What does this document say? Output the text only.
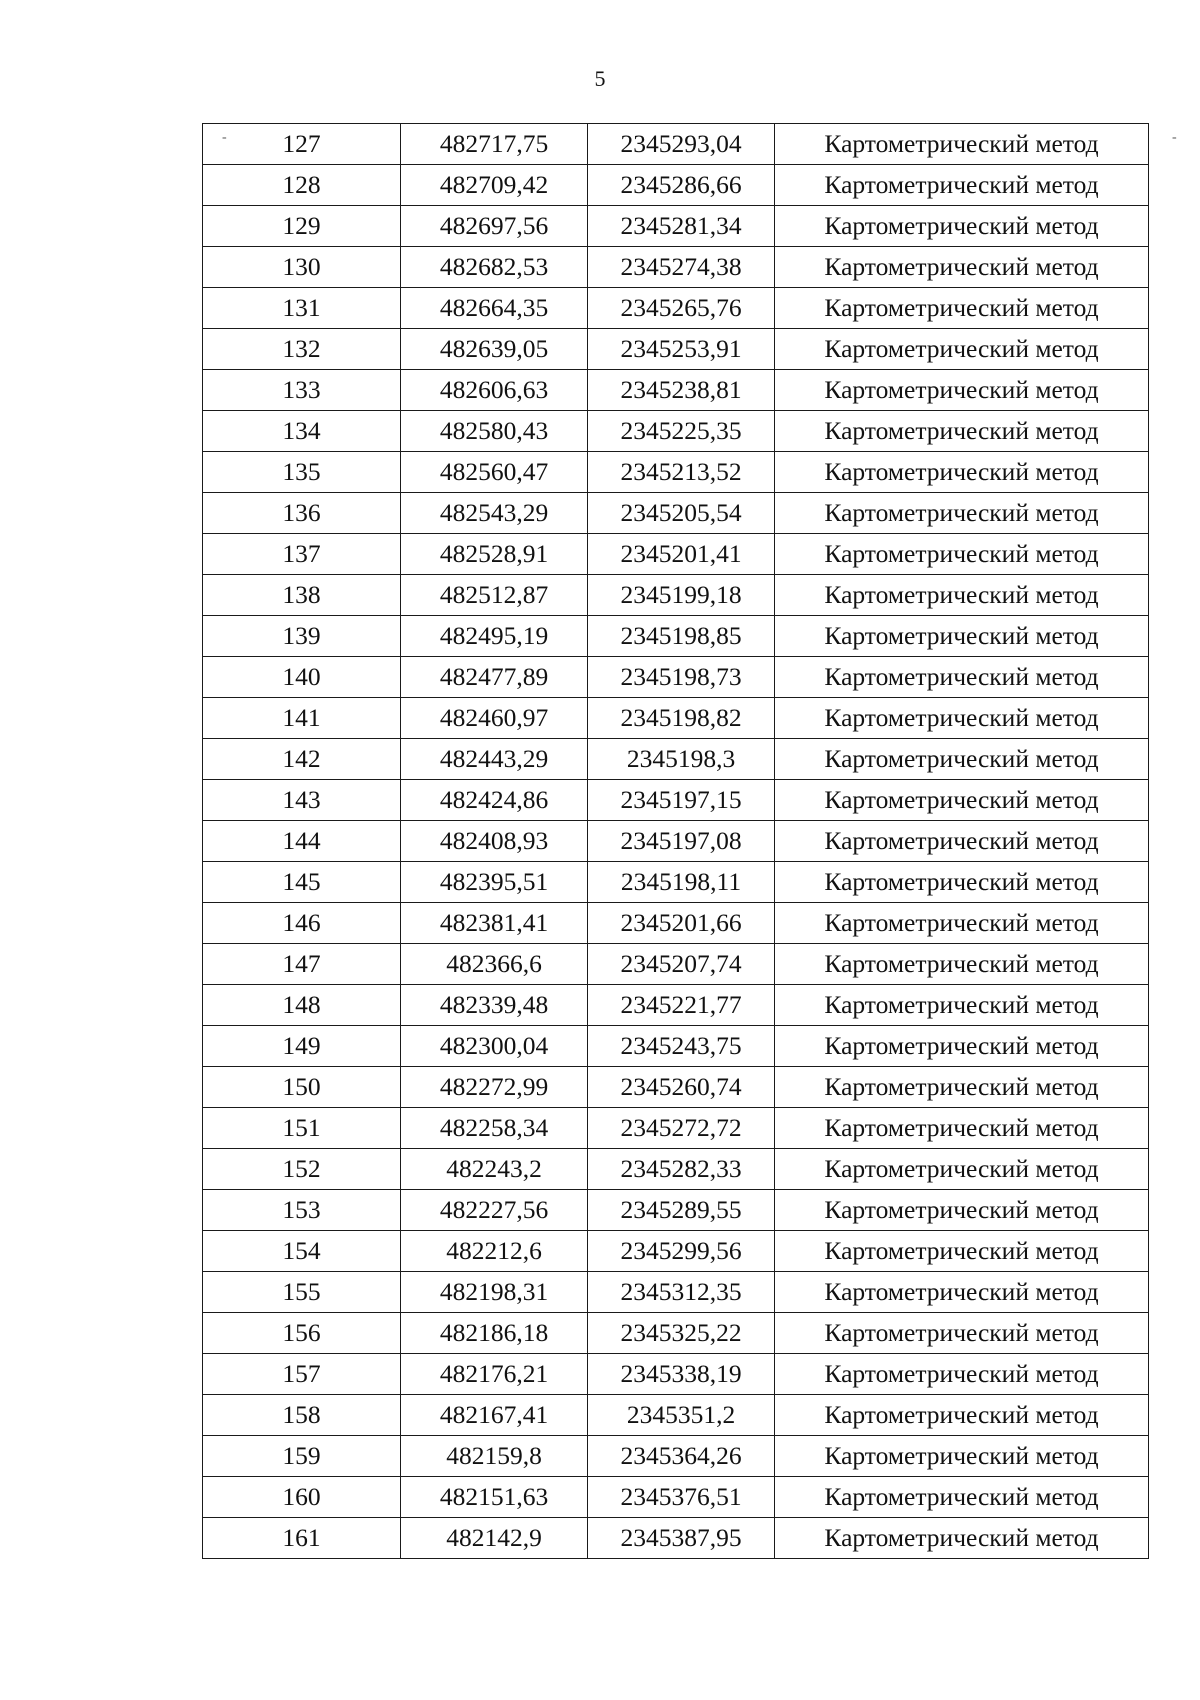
5
-	-
127	482717,75	2345293,04	Картометрический метод
128	482709,42	2345286,66	Картометрический метод
129	482697,56	2345281,34	Картометрический метод
130	482682,53	2345274,38	Картометрический метод
131	482664,35	2345265,76	Картометрический метод
132	482639,05	2345253,91	Картометрический метод
133	482606,63	2345238,81	Картометрический метод
134	482580,43	2345225,35	Картометрический метод
135	482560,47	2345213,52	Картометрический метод
136	482543,29	2345205,54	Картометрический метод
137	482528,91	2345201,41	Картометрический метод
138	482512,87	2345199,18	Картометрический метод
139	482495,19	2345198,85	Картометрический метод
140	482477,89	2345198,73	Картометрический метод
141	482460,97	2345198,82	Картометрический метод
142	482443,29	2345198,3	Картометрический метод
143	482424,86	2345197,15	Картометрический метод
144	482408,93	2345197,08	Картометрический метод
145	482395,51	2345198,11	Картометрический метод
146	482381,41	2345201,66	Картометрический метод
147	482366,6	2345207,74	Картометрический метод
148	482339,48	2345221,77	Картометрический метод
149	482300,04	2345243,75	Картометрический метод
150	482272,99	2345260,74	Картометрический метод
151	482258,34	2345272,72	Картометрический метод
152	482243,2	2345282,33	Картометрический метод
153	482227,56	2345289,55	Картометрический метод
154	482212,6	2345299,56	Картометрический метод
155	482198,31	2345312,35	Картометрический метод
156	482186,18	2345325,22	Картометрический метод
157	482176,21	2345338,19	Картометрический метод
158	482167,41	2345351,2	Картометрический метод
159	482159,8	2345364,26	Картометрический метод
160	482151,63	2345376,51	Картометрический метод
161	482142,9	2345387,95	Картометрический метод
